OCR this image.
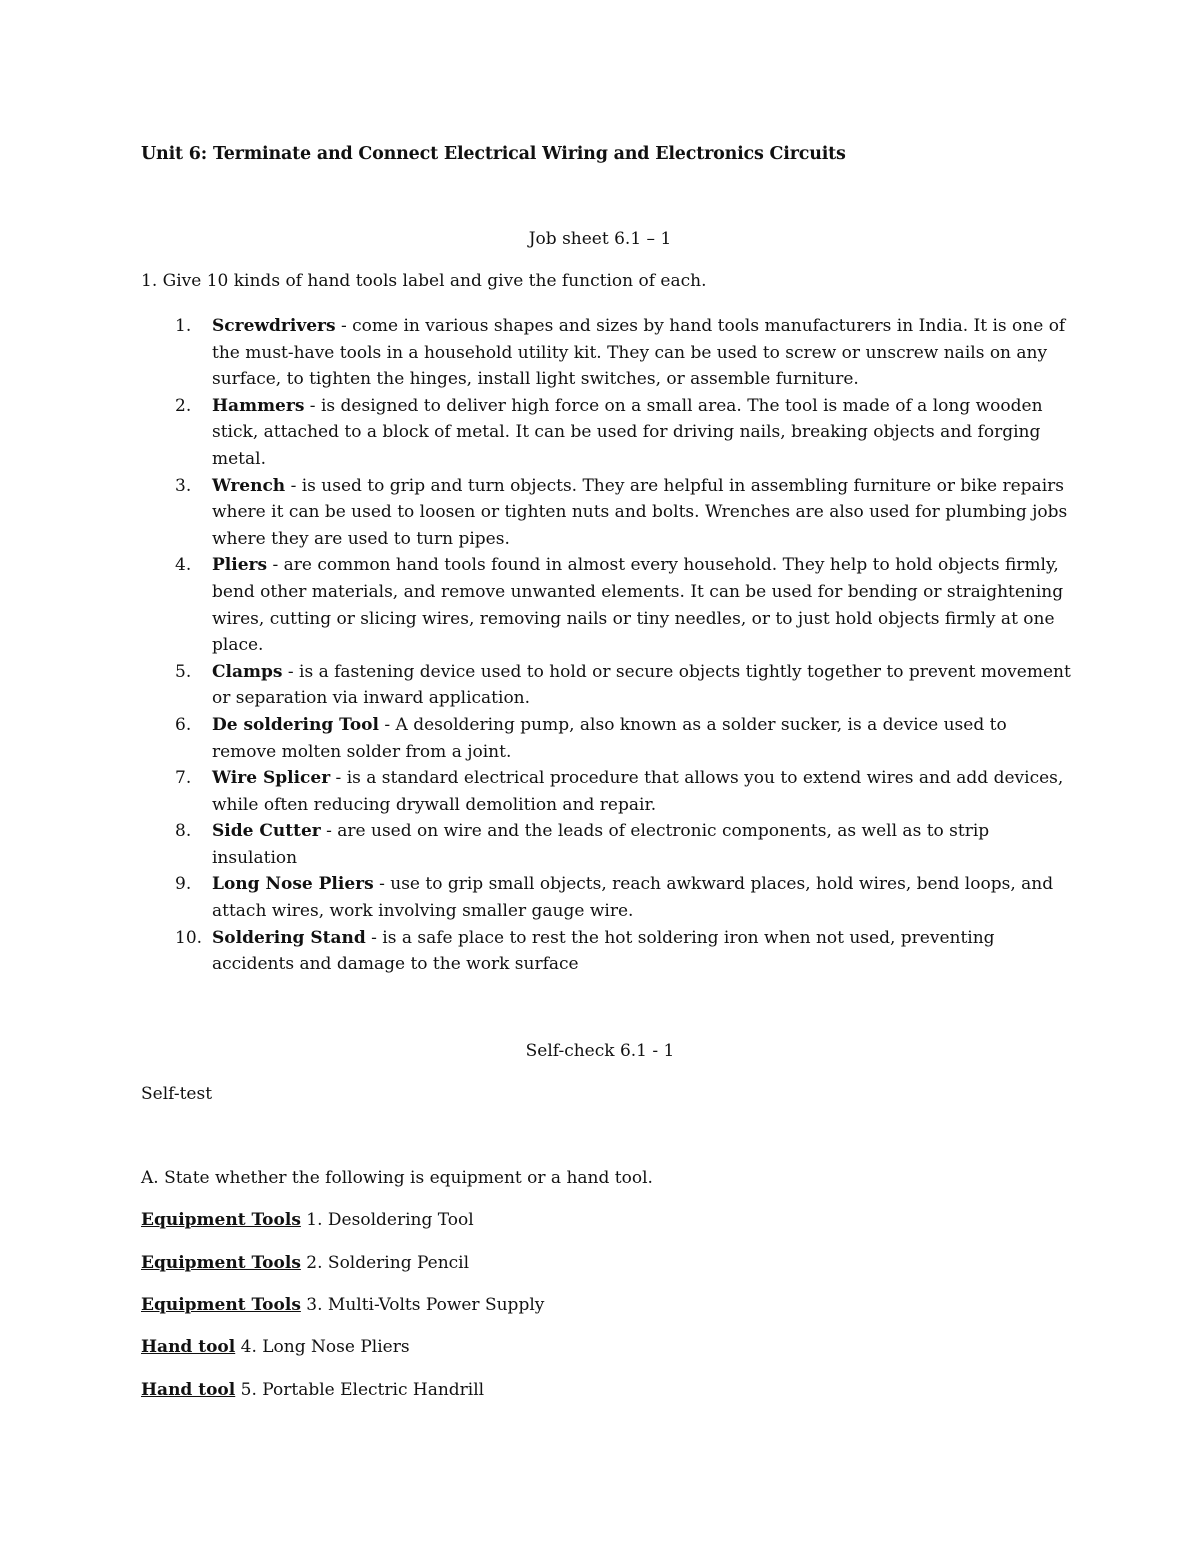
Unit 6: Terminate and Connect Electrical Wiring and Electronics Circuits
Job sheet 6.1 – 1
1. Give 10 kinds of hand tools label and give the function of each.
1. Screwdrivers - come in various shapes and sizes by hand tools manufacturers in India. It is one of the must-have tools in a household utility kit. They can be used to screw or unscrew nails on any surface, to tighten the hinges, install light switches, or assemble furniture.
2. Hammers - is designed to deliver high force on a small area. The tool is made of a long wooden stick, attached to a block of metal. It can be used for driving nails, breaking objects and forging metal.
3. Wrench - is used to grip and turn objects. They are helpful in assembling furniture or bike repairs where it can be used to loosen or tighten nuts and bolts. Wrenches are also used for plumbing jobs where they are used to turn pipes.
4. Pliers - are common hand tools found in almost every household. They help to hold objects firmly, bend other materials, and remove unwanted elements. It can be used for bending or straightening wires, cutting or slicing wires, removing nails or tiny needles, or to just hold objects firmly at one place.
5. Clamps - is a fastening device used to hold or secure objects tightly together to prevent movement or separation via inward application.
6. De soldering Tool - A desoldering pump, also known as a solder sucker, is a device used to remove molten solder from a joint.
7. Wire Splicer - is a standard electrical procedure that allows you to extend wires and add devices, while often reducing drywall demolition and repair.
8. Side Cutter - are used on wire and the leads of electronic components, as well as to strip insulation
9. Long Nose Pliers - use to grip small objects, reach awkward places, hold wires, bend loops, and attach wires, work involving smaller gauge wire.
10. Soldering Stand - is a safe place to rest the hot soldering iron when not used, preventing accidents and damage to the work surface
Self-check 6.1 - 1
Self-test
A. State whether the following is equipment or a hand tool.
Equipment Tools 1. Desoldering Tool
Equipment Tools 2. Soldering Pencil
Equipment Tools 3. Multi-Volts Power Supply
Hand tool 4. Long Nose Pliers
Hand tool 5. Portable Electric Handrill
